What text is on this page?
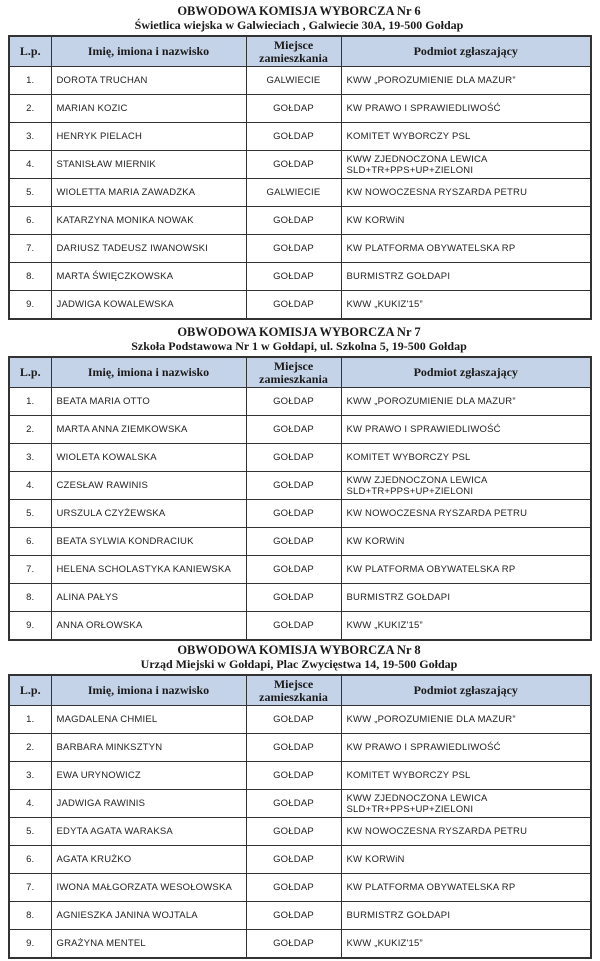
OBWODOWA KOMISJA WYBORCZA Nr 6

Świetlica wiejska w Galwieciach , Galwiecie 30A, 19-500 Gołdap

L.p.	Imię, imiona i nazwisko	Miejsce zamieszkania	Podmiot zgłaszający
1.	DOROTA TRUCHAN	GALWIECIE	KWW „POROZUMIENIE DLA MAZUR”
2.	MARIAN KOZIC	GOŁDAP	KW PRAWO I SPRAWIEDLIWOŚĆ
3.	HENRYK PIELACH	GOŁDAP	KOMITET WYBORCZY PSL
4.	STANISŁAW MIERNIK	GOŁDAP	KWW ZJEDNOCZONA LEWICA SLD+TR+PPS+UP+ZIELONI
5.	WIOLETTA MARIA ZAWADZKA	GALWIECIE	KW NOWOCZESNA RYSZARDA PETRU
6.	KATARZYNA MONIKA NOWAK	GOŁDAP	KW KORWiN
7.	DARIUSZ TADEUSZ IWANOWSKI	GOŁDAP	KW PLATFORMA OBYWATELSKA RP
8.	MARTA ŚWIĘCZKOWSKA	GOŁDAP	BURMISTRZ GOŁDAPI
9.	JADWIGA KOWALEWSKA	GOŁDAP	KWW „KUKIZ'15”

OBWODOWA KOMISJA WYBORCZA Nr 7

Szkoła Podstawowa Nr 1 w Gołdapi, ul. Szkolna 5, 19-500 Gołdap

L.p.	Imię, imiona i nazwisko	Miejsce zamieszkania	Podmiot zgłaszający
1.	BEATA MARIA OTTO	GOŁDAP	KWW „POROZUMIENIE DLA MAZUR”
2.	MARTA ANNA ZIEMKOWSKA	GOŁDAP	KW PRAWO I SPRAWIEDLIWOŚĆ
3.	WIOLETA KOWALSKA	GOŁDAP	KOMITET WYBORCZY PSL
4.	CZESŁAW RAWINIS	GOŁDAP	KWW ZJEDNOCZONA LEWICA SLD+TR+PPS+UP+ZIELONI
5.	URSZULA CZYŻEWSKA	GOŁDAP	KW NOWOCZESNA RYSZARDA PETRU
6.	BEATA SYLWIA KONDRACIUK	GOŁDAP	KW KORWiN
7.	HELENA SCHOLASTYKA KANIEWSKA	GOŁDAP	KW PLATFORMA OBYWATELSKA RP
8.	ALINA PAŁYS	GOŁDAP	BURMISTRZ GOŁDAPI
9.	ANNA ORŁOWSKA	GOŁDAP	KWW „KUKIZ'15”

OBWODOWA KOMISJA WYBORCZA Nr 8

Urząd Miejski w Gołdapi, Plac Zwycięstwa 14, 19-500 Gołdap

L.p.	Imię, imiona i nazwisko	Miejsce zamieszkania	Podmiot zgłaszający
1.	MAGDALENA CHMIEL	GOŁDAP	KWW „POROZUMIENIE DLA MAZUR”
2.	BARBARA MINKSZTYN	GOŁDAP	KW PRAWO I SPRAWIEDLIWOŚĆ
3.	EWA URYNOWICZ	GOŁDAP	KOMITET WYBORCZY PSL
4.	JADWIGA RAWINIS	GOŁDAP	KWW ZJEDNOCZONA LEWICA SLD+TR+PPS+UP+ZIELONI
5.	EDYTA AGATA WARAKSA	GOŁDAP	KW NOWOCZESNA RYSZARDA PETRU
6.	AGATA KRUŻKO	GOŁDAP	KW KORWiN
7.	IWONA MAŁGORZATA WESOŁOWSKA	GOŁDAP	KW PLATFORMA OBYWATELSKA RP
8.	AGNIESZKA JANINA WOJTALA	GOŁDAP	BURMISTRZ GOŁDAPI
9.	GRAŻYNA MENTEL	GOŁDAP	KWW „KUKIZ'15”
